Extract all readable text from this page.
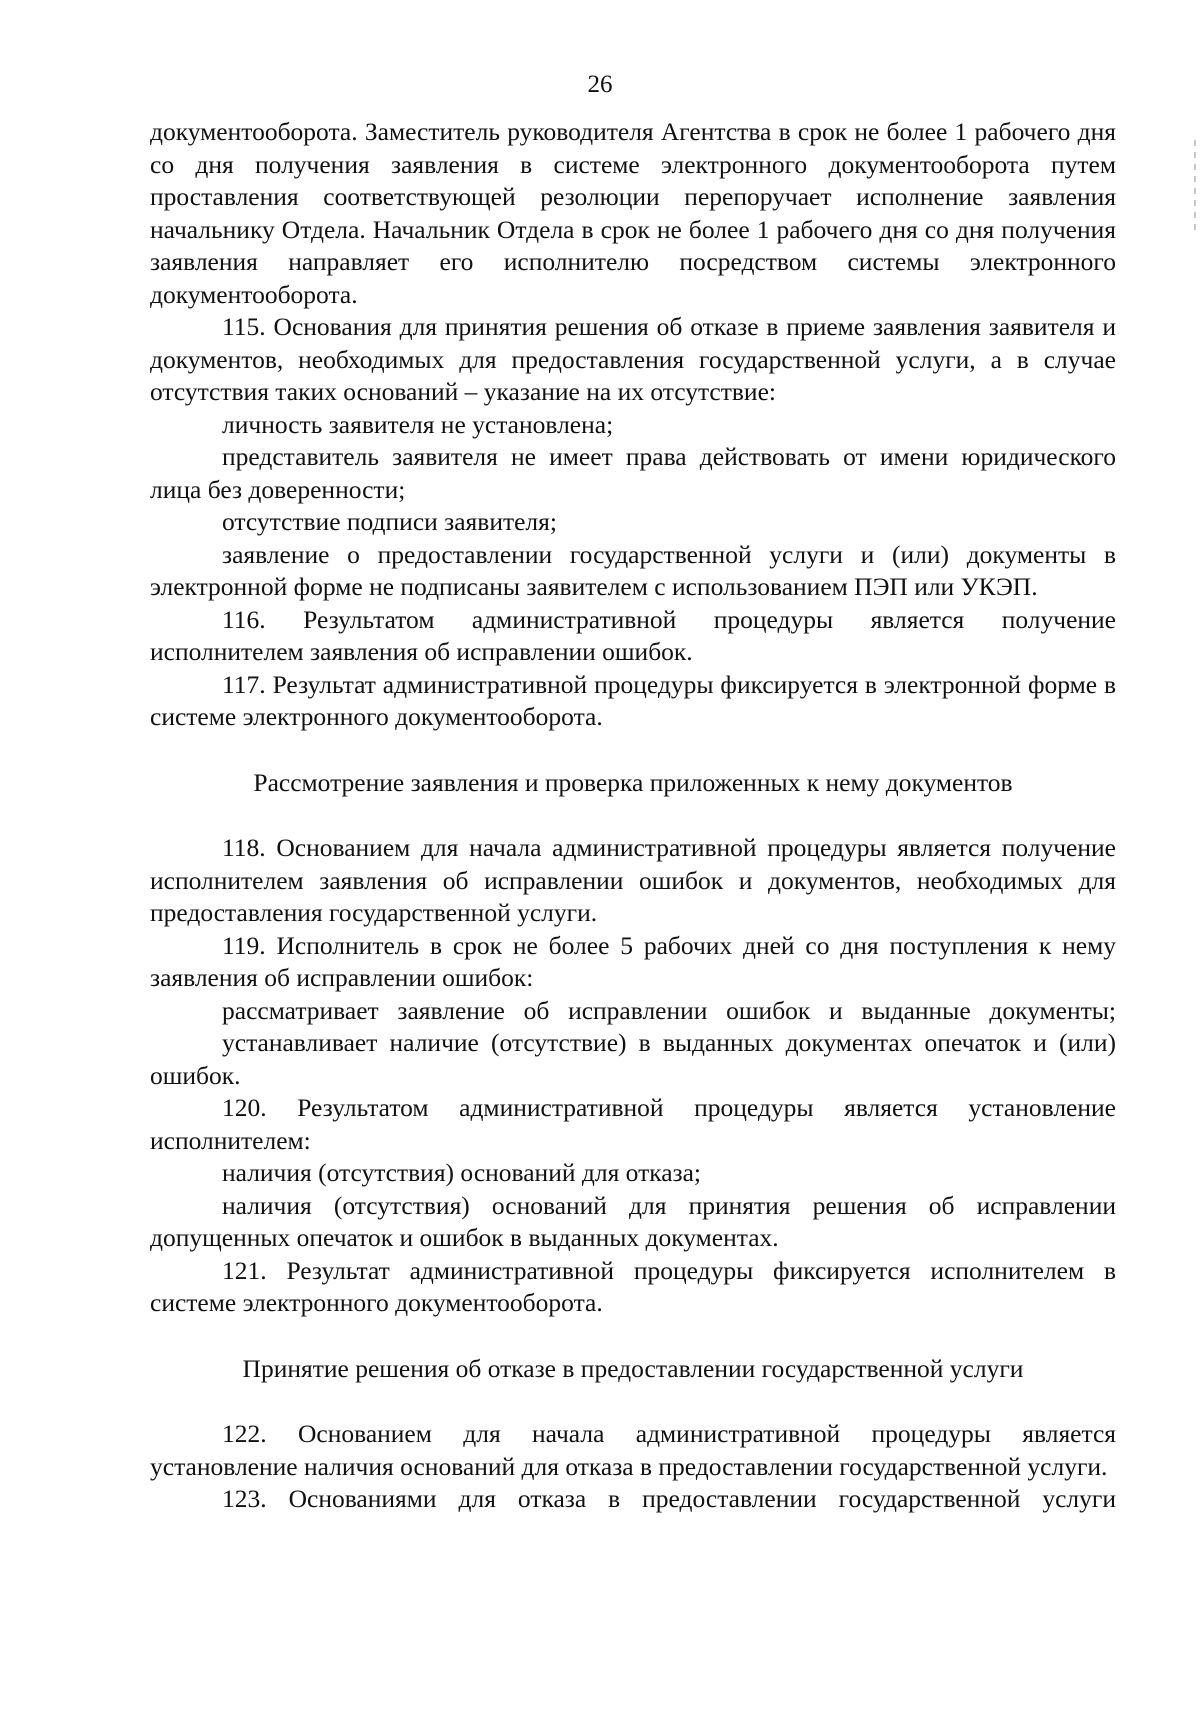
26

документооборота. Заместитель руководителя Агентства в срок не более 1 рабочего дня со дня получения заявления в системе электронного документооборота путем проставления соответствующей резолюции перепоручает исполнение заявления начальнику Отдела. Начальник Отдела в срок не более 1 рабочего дня со дня получения заявления направляет его исполнителю посредством системы электронного документооборота.

115. Основания для принятия решения об отказе в приеме заявления заявителя и документов, необходимых для предоставления государственной услуги, а в случае отсутствия таких оснований – указание на их отсутствие:

личность заявителя не установлена;

представитель заявителя не имеет права действовать от имени юридического лица без доверенности;

отсутствие подписи заявителя;

заявление о предоставлении государственной услуги и (или) документы в электронной форме не подписаны заявителем с использованием ПЭП или УКЭП.

116. Результатом административной процедуры является получение исполнителем заявления об исправлении ошибок.

117. Результат административной процедуры фиксируется в электронной форме в системе электронного документооборота.

Рассмотрение заявления и проверка приложенных к нему документов

118. Основанием для начала административной процедуры является получение исполнителем заявления об исправлении ошибок и документов, необходимых для предоставления государственной услуги.

119. Исполнитель в срок не более 5 рабочих дней со дня поступления к нему заявления об исправлении ошибок:

рассматривает заявление об исправлении ошибок и выданные документы;

устанавливает наличие (отсутствие) в выданных документах опечаток и (или) ошибок.

120. Результатом административной процедуры является установление исполнителем:

наличия (отсутствия) оснований для отказа;

наличия (отсутствия) оснований для принятия решения об исправлении допущенных опечаток и ошибок в выданных документах.

121. Результат административной процедуры фиксируется исполнителем в системе электронного документооборота.

Принятие решения об отказе в предоставлении государственной услуги

122. Основанием для начала административной процедуры является установление наличия оснований для отказа в предоставлении государственной услуги.

123. Основаниями для отказа в предоставлении государственной услуги
